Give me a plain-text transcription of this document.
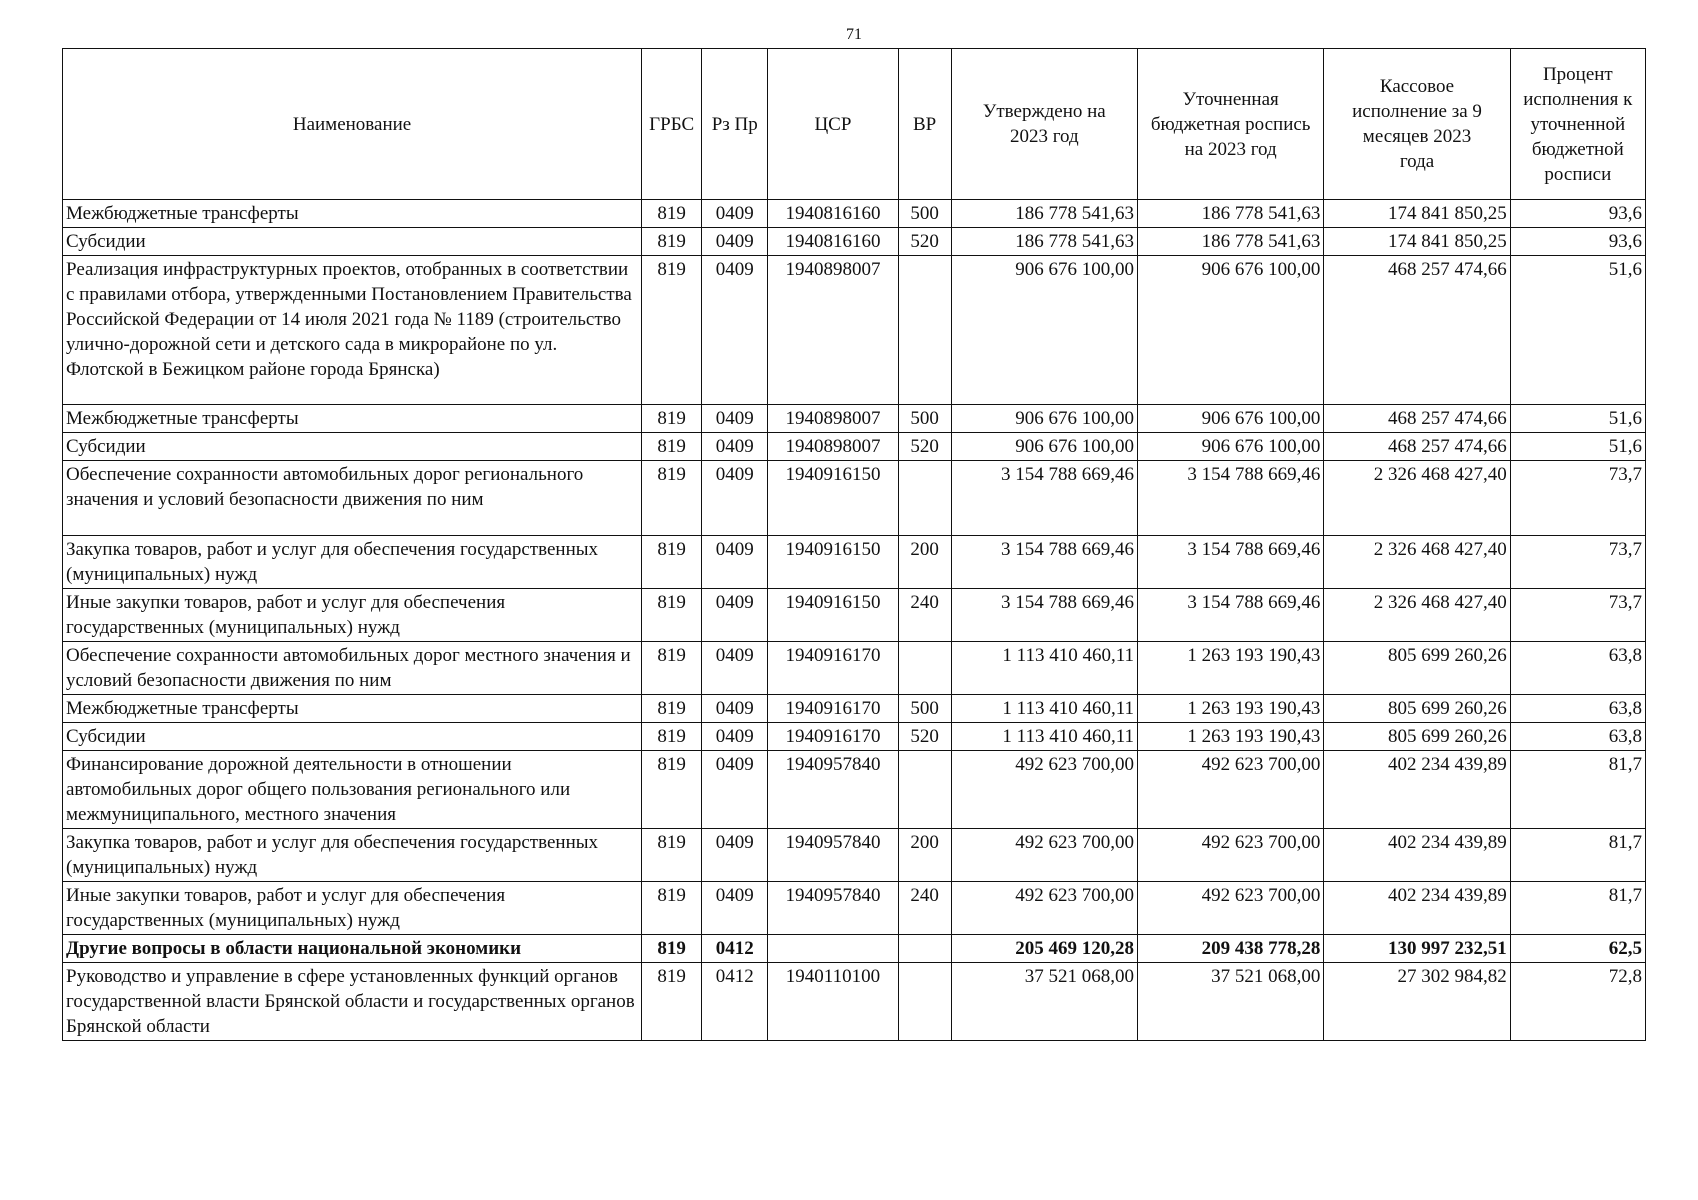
71
Наименование	ГРБС	Рз Пр	ЦСР	ВР	Утверждено на 2023 год	Уточненная бюджетная роспись на 2023 год	Кассовое исполнение за 9 месяцев 2023 года	Процент исполнения к уточненной бюджетной росписи
Межбюджетные трансферты	819	0409	1940816160	500	186 778 541,63	186 778 541,63	174 841 850,25	93,6
Субсидии	819	0409	1940816160	520	186 778 541,63	186 778 541,63	174 841 850,25	93,6
Реализация инфраструктурных проектов, отобранных в соответствии с правилами отбора, утвержденными Постановлением Правительства Российской Федерации от 14 июля 2021 года № 1189 (строительство улично-дорожной сети и детского сада в микрорайоне по ул. Флотской в Бежицком районе города Брянска)	819	0409	1940898007		906 676 100,00	906 676 100,00	468 257 474,66	51,6
Межбюджетные трансферты	819	0409	1940898007	500	906 676 100,00	906 676 100,00	468 257 474,66	51,6
Субсидии	819	0409	1940898007	520	906 676 100,00	906 676 100,00	468 257 474,66	51,6
Обеспечение сохранности автомобильных дорог регионального значения и условий безопасности движения по ним	819	0409	1940916150		3 154 788 669,46	3 154 788 669,46	2 326 468 427,40	73,7
Закупка товаров, работ и услуг для обеспечения государственных (муниципальных) нужд	819	0409	1940916150	200	3 154 788 669,46	3 154 788 669,46	2 326 468 427,40	73,7
Иные закупки товаров, работ и услуг для обеспечения государственных (муниципальных) нужд	819	0409	1940916150	240	3 154 788 669,46	3 154 788 669,46	2 326 468 427,40	73,7
Обеспечение сохранности автомобильных дорог местного значения и условий безопасности движения по ним	819	0409	1940916170		1 113 410 460,11	1 263 193 190,43	805 699 260,26	63,8
Межбюджетные трансферты	819	0409	1940916170	500	1 113 410 460,11	1 263 193 190,43	805 699 260,26	63,8
Субсидии	819	0409	1940916170	520	1 113 410 460,11	1 263 193 190,43	805 699 260,26	63,8
Финансирование дорожной деятельности в отношении автомобильных дорог общего пользования регионального или межмуниципального, местного значения	819	0409	1940957840		492 623 700,00	492 623 700,00	402 234 439,89	81,7
Закупка товаров, работ и услуг для обеспечения государственных (муниципальных) нужд	819	0409	1940957840	200	492 623 700,00	492 623 700,00	402 234 439,89	81,7
Иные закупки товаров, работ и услуг для обеспечения государственных (муниципальных) нужд	819	0409	1940957840	240	492 623 700,00	492 623 700,00	402 234 439,89	81,7
Другие вопросы в области национальной экономики	819	0412			205 469 120,28	209 438 778,28	130 997 232,51	62,5
Руководство и управление в сфере установленных функций органов государственной власти Брянской области и государственных органов Брянской области	819	0412	1940110100		37 521 068,00	37 521 068,00	27 302 984,82	72,8
